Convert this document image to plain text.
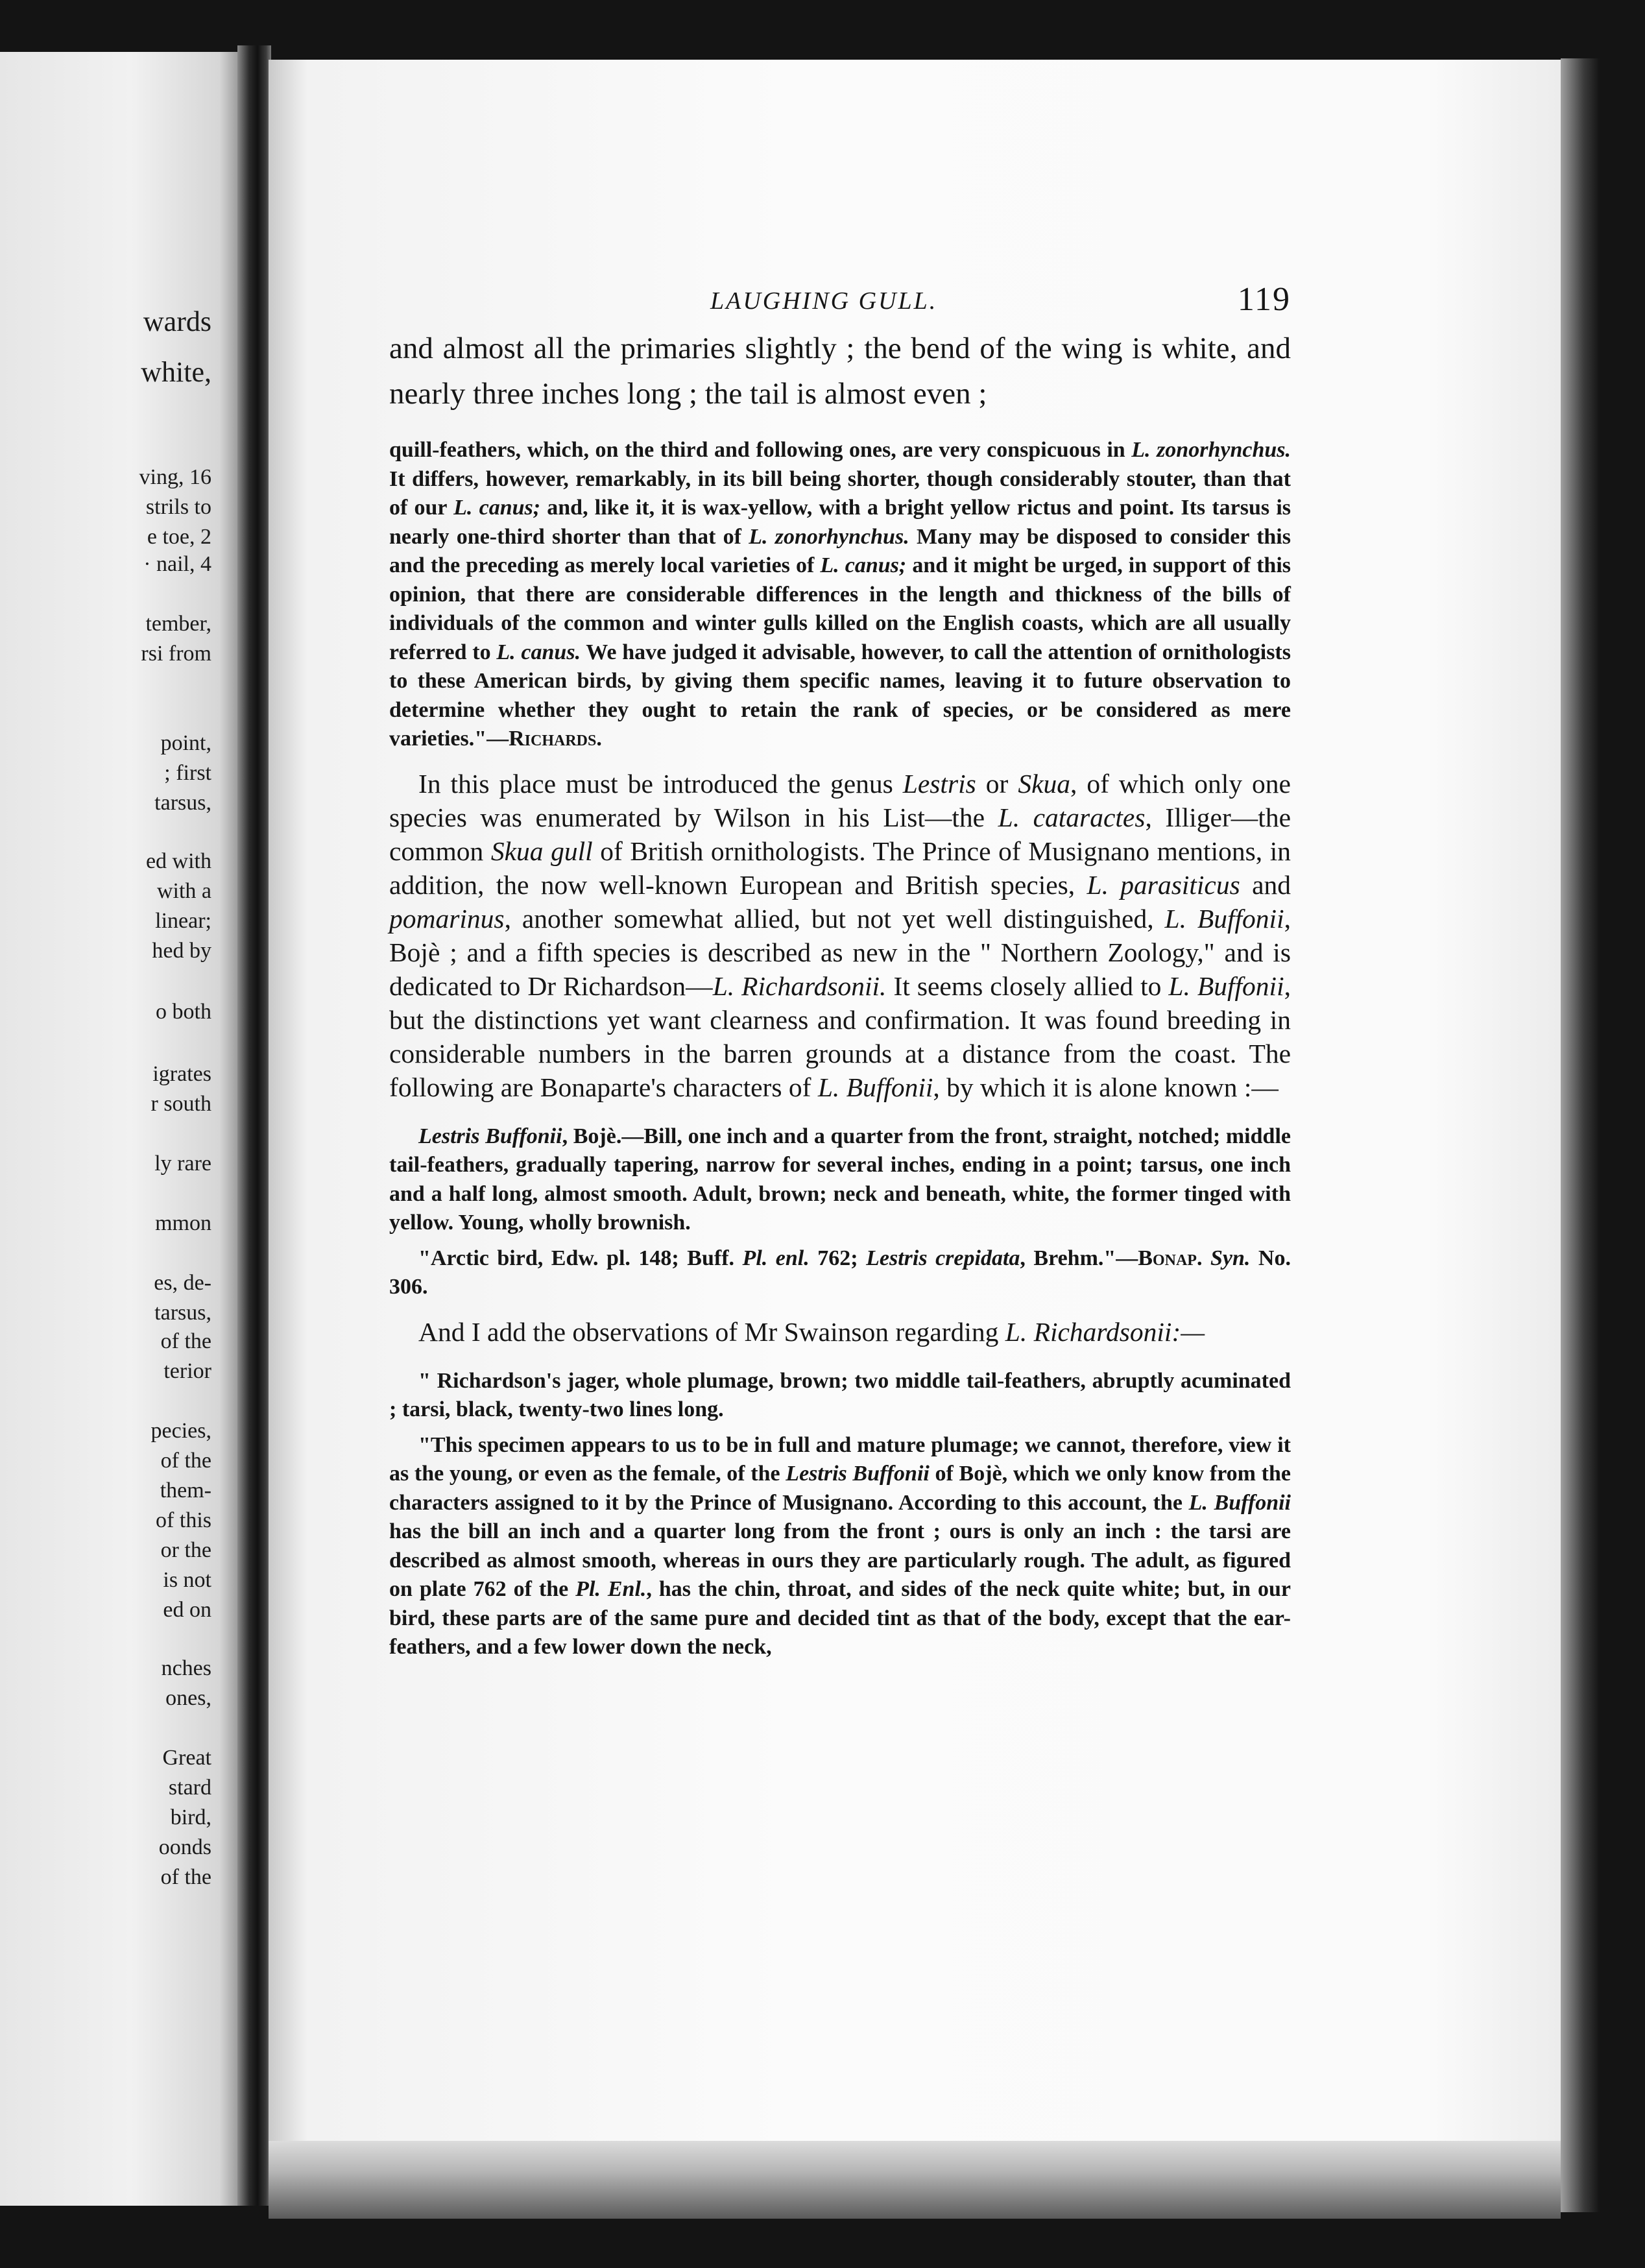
wards
white,
ving, 16
strils to
e toe, 2
· nail, 4
tember,
rsi from
point,
; first
tarsus,
ed with
with a
linear;
hed by
o both
igrates
r south
ly rare
mmon
es, de-
tarsus,
of the
terior
pecies,
of the
them-
of this
or the
is not
ed on
nches
ones,
Great
stard
bird,
oonds
of the
LAUGHING GULL.	119

and almost all the primaries slightly ; the bend of the wing is white, and nearly three inches long ; the tail is almost even ;

quill-feathers, which, on the third and following ones, are very conspicuous in L. zonorhynchus. It differs, however, remarkably, in its bill being shorter, though considerably stouter, than that of our L. canus; and, like it, it is wax-yellow, with a bright yellow rictus and point. Its tarsus is nearly one-third shorter than that of L. zonorhynchus. Many may be disposed to consider this and the preceding as merely local varieties of L. canus; and it might be urged, in support of this opinion, that there are considerable differences in the length and thickness of the bills of individuals of the common and winter gulls killed on the English coasts, which are all usually referred to L. canus. We have judged it advisable, however, to call the attention of ornithologists to these American birds, by giving them specific names, leaving it to future observation to determine whether they ought to retain the rank of species, or be considered as mere varieties."—Richards.

In this place must be introduced the genus Lestris or Skua, of which only one species was enumerated by Wilson in his List—the L. cataractes, Illiger—the common Skua gull of British ornithologists. The Prince of Musignano mentions, in addition, the now well-known European and British species, L. parasiticus and pomarinus, another somewhat allied, but not yet well distinguished, L. Buffonii, Bojè ; and a fifth species is described as new in the " Northern Zoology," and is dedicated to Dr Richardson—L. Richardsonii. It seems closely allied to L. Buffonii, but the distinctions yet want clearness and confirmation. It was found breeding in considerable numbers in the barren grounds at a distance from the coast. The following are Bonaparte's characters of L. Buffonii, by which it is alone known :—

Lestris Buffonii, Bojè.—Bill, one inch and a quarter from the front, straight, notched; middle tail-feathers, gradually tapering, narrow for several inches, ending in a point; tarsus, one inch and a half long, almost smooth. Adult, brown; neck and beneath, white, the former tinged with yellow. Young, wholly brownish.

"Arctic bird, Edw. pl. 148; Buff. Pl. enl. 762; Lestris crepidata, Brehm."—Bonap. Syn. No. 306.

And I add the observations of Mr Swainson regarding L. Richardsonii:—

" Richardson's jager, whole plumage, brown; two middle tail-feathers, abruptly acuminated ; tarsi, black, twenty-two lines long.

"This specimen appears to us to be in full and mature plumage; we cannot, therefore, view it as the young, or even as the female, of the Lestris Buffonii of Bojè, which we only know from the characters assigned to it by the Prince of Musignano. According to this account, the L. Buffonii has the bill an inch and a quarter long from the front ; ours is only an inch : the tarsi are described as almost smooth, whereas in ours they are particularly rough. The adult, as figured on plate 762 of the Pl. Enl., has the chin, throat, and sides of the neck quite white; but, in our bird, these parts are of the same pure and decided tint as that of the body, except that the ear-feathers, and a few lower down the neck,
